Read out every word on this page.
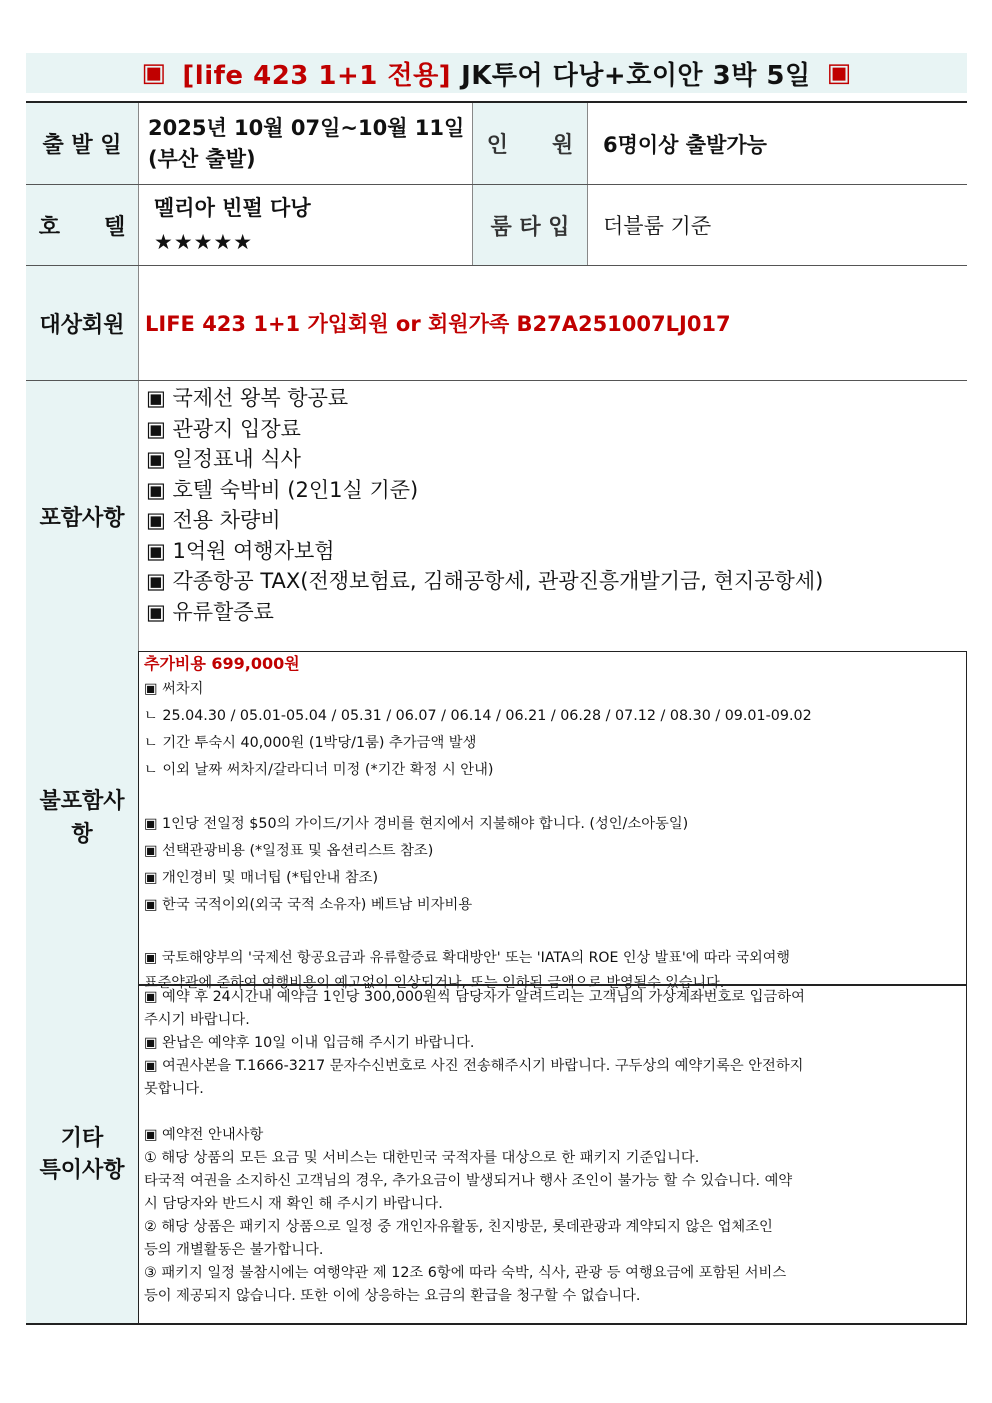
▣ [life 423 1+1 전용] JK투어 다낭+호이안 3박 5일 ▣
출 발 일
2025년 10월 07일~10월 11일 (부산 출발)
인　　원	6명이상 출발가능
호　　텔
멜리아 빈펄 다낭
★★★★★
룸 타 입	더블룸 기준
대상회원 LIFE 423 1+1 가입회원 or 회원가족 B27A251007LJ017
포함사항
▣ 국제선 왕복 항공료
▣ 관광지 입장료
▣ 일정표내 식사
▣ 호텔 숙박비 (2인1실 기준)
▣ 전용 차량비
▣ 1억원 여행자보험
▣ 각종항공 TAX(전쟁보험료, 김해공항세, 관광진흥개발기금, 현지공항세)
▣ 유류할증료
불포함사항
추가비용 699,000원
▣ 써차지
ㄴ 25.04.30 / 05.01-05.04 / 05.31 / 06.07 / 06.14 / 06.21 / 06.28 / 07.12 / 08.30 / 09.01-09.02
ㄴ 기간 투숙시 40,000원 (1박당/1룸) 추가금액 발생
ㄴ 이외 날짜 써차지/갈라디너 미정 (*기간 확정 시 안내)
▣ 1인당 전일정 $50의 가이드/기사 경비를 현지에서 지불해야 합니다. (성인/소아동일)
▣ 선택관광비용 (*일정표 및 옵션리스트 참조)
▣ 개인경비 및 매너팁 (*팁안내 참조)
▣ 한국 국적이외(외국 국적 소유자) 베트남 비자비용
▣ 국토해양부의 '국제선 항공요금과 유류할증료 확대방안' 또는 'IATA의 ROE 인상 발표'에 따라 국외여행
표준약관에 준하여 여행비용이 예고없이 인상되거나, 또는 인하된 금액으로 반영될수 있습니다.
기타
특이사항
▣ 예약 후 24시간내 예약금 1인당 300,000원씩 담당자가 알려드리는 고객님의 가상계좌번호로 입금하여
주시기 바랍니다.
▣ 완납은 예약후 10일 이내 입금해 주시기 바랍니다.
▣ 여권사본을 T.1666-3217 문자수신번호로 사진 전송해주시기 바랍니다. 구두상의 예약기록은 안전하지
못합니다.
▣ 예약전 안내사항
① 해당 상품의 모든 요금 및 서비스는 대한민국 국적자를 대상으로 한 패키지 기준입니다.
타국적 여권을 소지하신 고객님의 경우, 추가요금이 발생되거나 행사 조인이 불가능 할 수 있습니다. 예약
시 담당자와 반드시 재 확인 해 주시기 바랍니다.
② 해당 상품은 패키지 상품으로 일정 중 개인자유활동, 친지방문, 롯데관광과 계약되지 않은 업체조인
등의 개별활동은 불가합니다.
③ 패키지 일정 불참시에는 여행약관 제 12조 6항에 따라 숙박, 식사, 관광 등 여행요금에 포함된 서비스
등이 제공되지 않습니다. 또한 이에 상응하는 요금의 환급을 청구할 수 없습니다.
